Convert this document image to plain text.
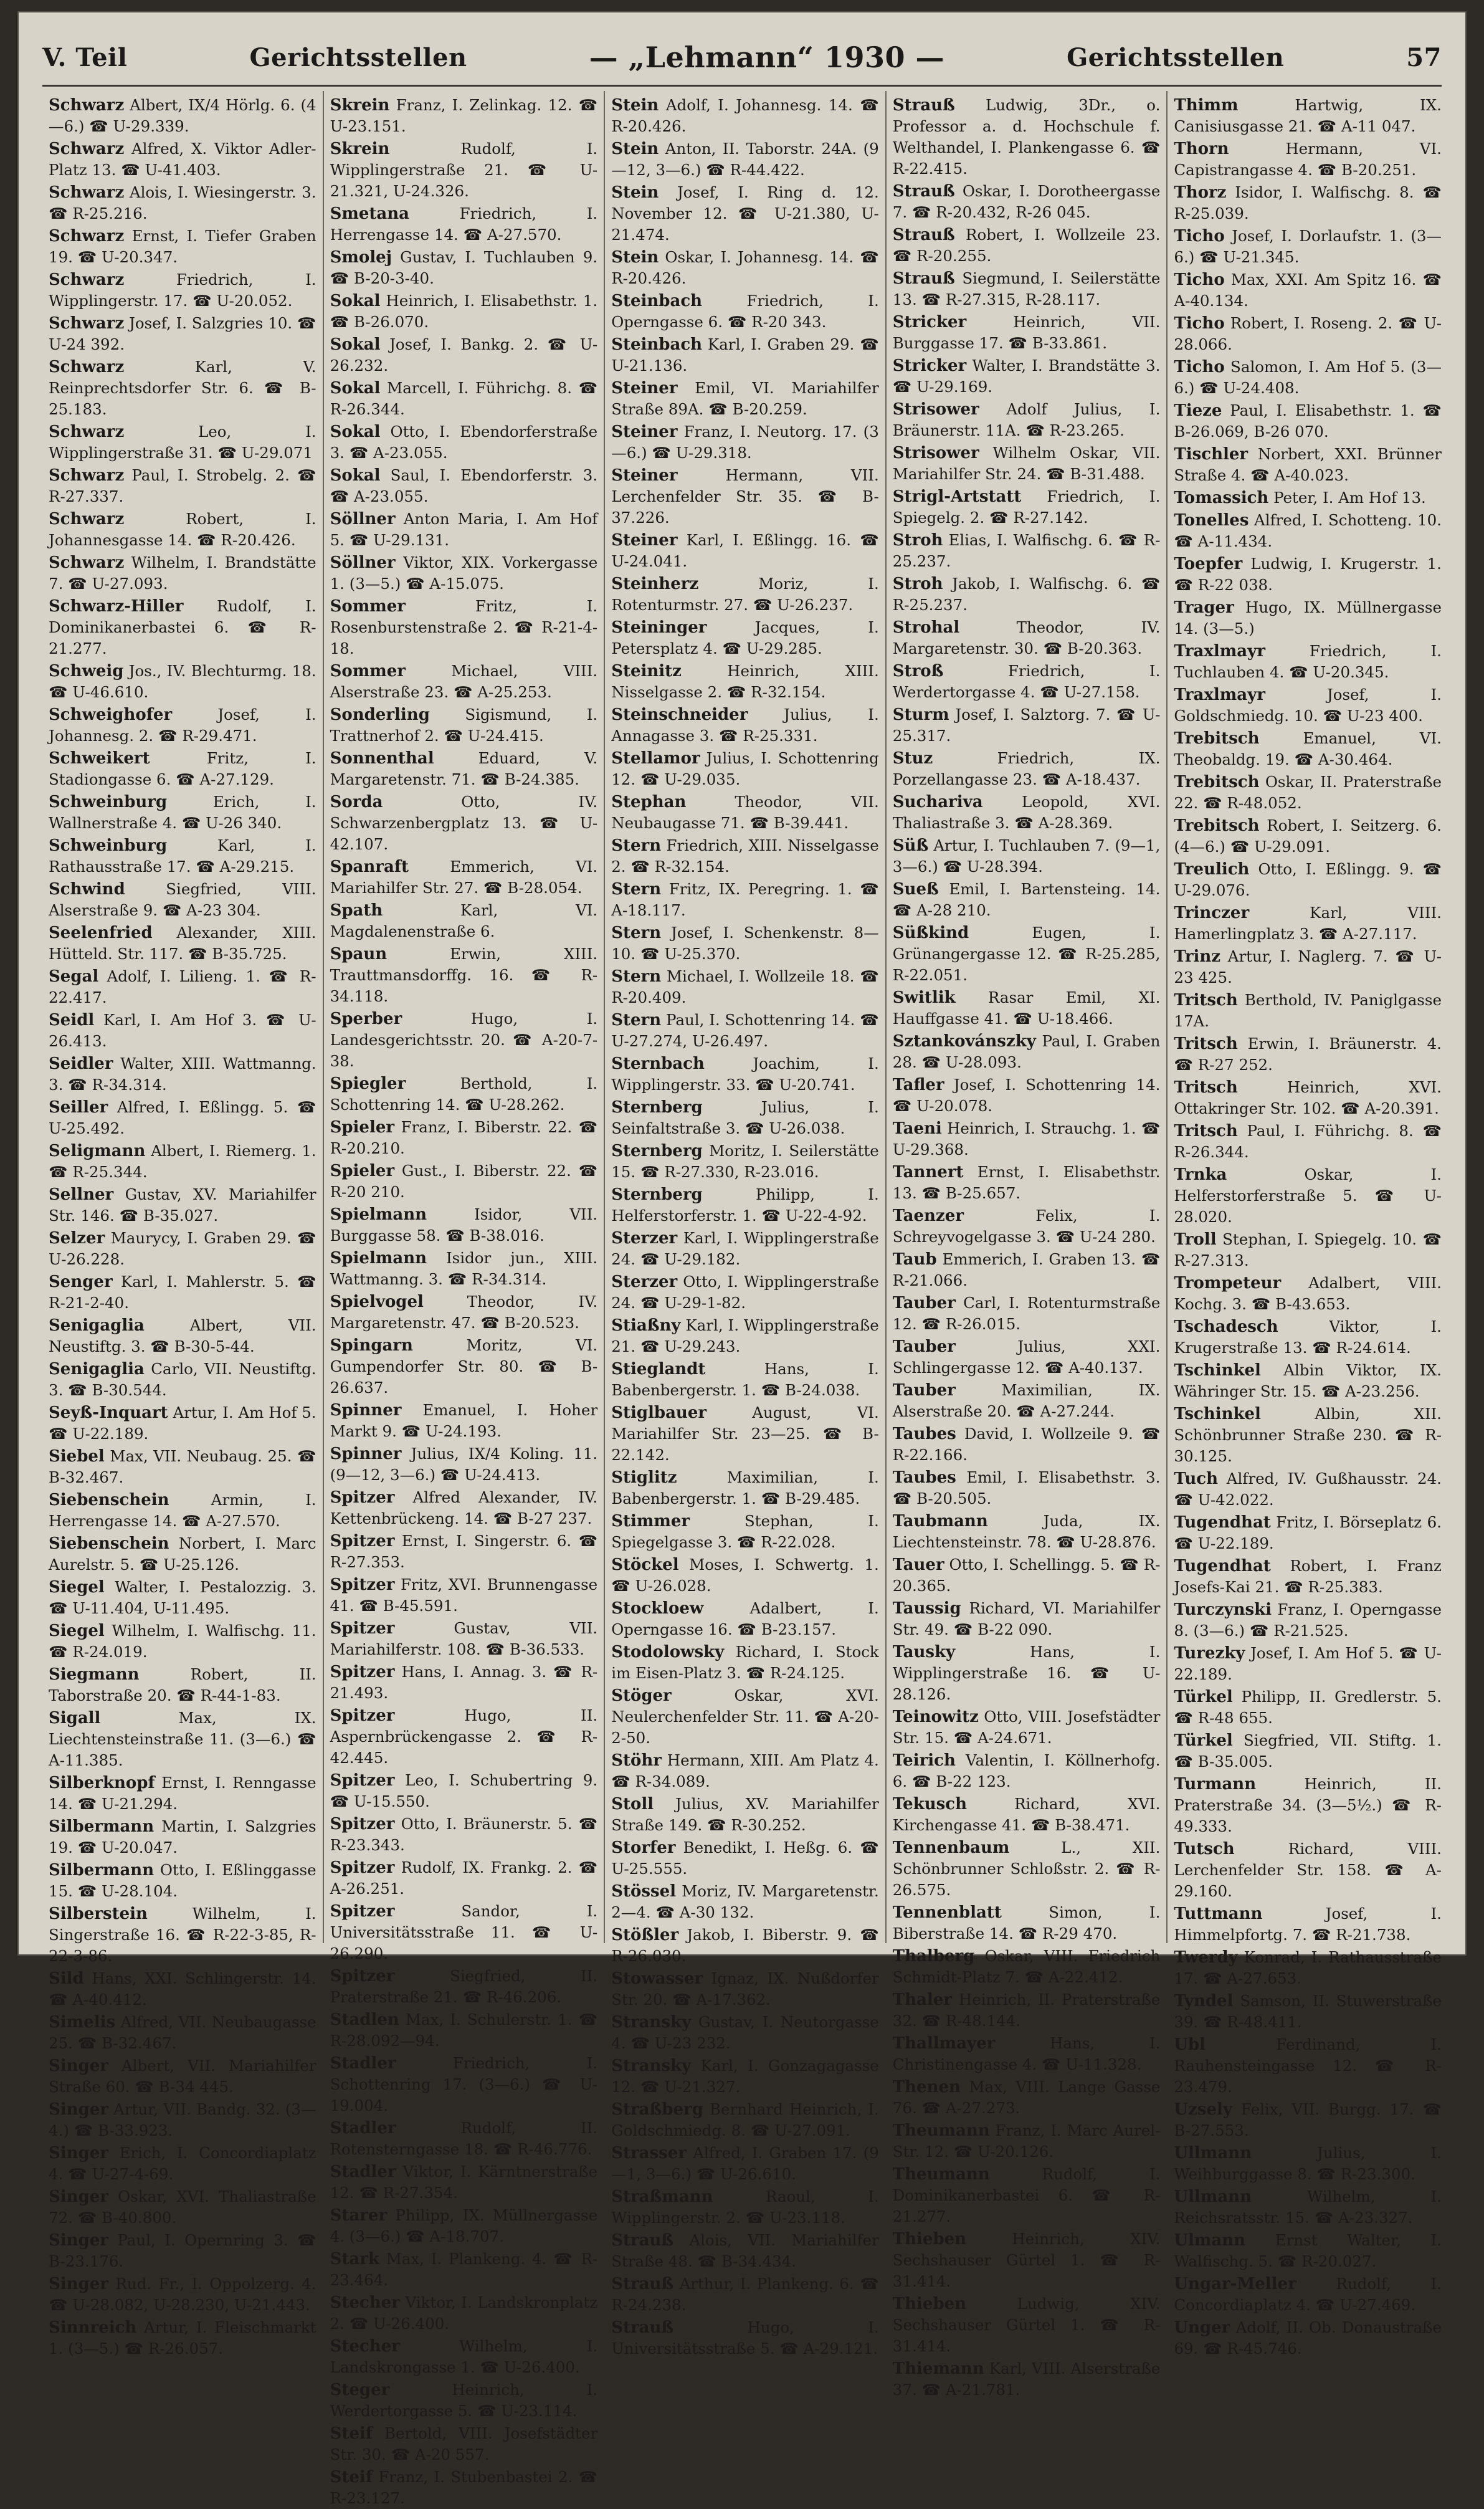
V. Teil	Gerichtsstellen	— „Lehmann“ 1930 —	Gerichtsstellen	57
Schwarz Albert, IX/4 Hörlg. 6. (4—6.) ☎ U-29.339.
Schwarz Alfred, X. Viktor Adler-Platz 13. ☎ U-41.403.
Schwarz Alois, I. Wiesingerstr. 3. ☎ R-25.216.
Schwarz Ernst, I. Tiefer Graben 19. ☎ U-20.347.
Schwarz	Friedrich, I. Wipplingerstr. 17. ☎ U-20.052.
Schwarz Josef, I. Salzgries 10. ☎ U-24 392.
Schwarz	Karl, V. Reinprechtsdorfer Str. 6. ☎ B-25.183.
Schwarz	Leo, I. Wipplingerstraße 31. ☎ U-29.071
Schwarz Paul, I. Strobelg. 2. ☎ R-27.337.
Schwarz	Robert, I. Johannesgasse 14. ☎ R-20.426.
Schwarz Wilhelm, I. Brandstätte 7. ☎ U-27.093.
Schwarz-Hiller Rudolf, I. Dominikanerbastei 6. ☎ R-21.277.
Schweig Jos., IV. Blechturmg. 18. ☎ U-46.610.
Schweighofer	Josef, I. Johannesg. 2. ☎ R-29.471.
Schweikert	Fritz, I. Stadiongasse 6. ☎ A-27.129.
Schweinburg	Erich, I. Wallnerstraße 4. ☎ U-26 340.
Schweinburg	Karl, I. Rathausstraße 17. ☎ A-29.215.
Schwind	Siegfried, VIII. Alserstraße 9. ☎ A-23 304.
Seelenfried Alexander, XIII. Hütteld. Str. 117. ☎ B-35.725.
Segal Adolf, I. Lilieng. 1. ☎ R-22.417.
Seidl Karl, I. Am Hof 3. ☎ U-26.413.
Seidler Walter, XIII. Wattmanng. 3. ☎ R-34.314.
Seiller Alfred, I. Eßlingg. 5. ☎ U-25.492.
Seligmann Albert, I. Riemerg. 1. ☎ R-25.344.
Sellner Gustav, XV. Mariahilfer Str. 146. ☎ B-35.027.
Selzer Maurycy, I. Graben 29. ☎ U-26.228.
Senger Karl, I. Mahlerstr. 5. ☎ R-21-2-40.
Senigaglia	Albert, VII. Neustiftg. 3. ☎ B-30-5-44.
Senigaglia Carlo, VII. Neustiftg. 3. ☎ B-30.544.
Seyß-Inquart Artur, I. Am Hof 5. ☎ U-22.189.
Siebel Max, VII. Neubaug. 25. ☎ B-32.467.
Siebenschein	Armin, I. Herrengasse 14. ☎ A-27.570.
Siebenschein Norbert, I. Marc Aurelstr. 5. ☎ U-25.126.
Siegel Walter, I. Pestalozzig. 3. ☎ U-11.404, U-11.495.
Siegel Wilhelm, I. Walfischg. 11. ☎ R-24.019.
Siegmann	Robert, II. Taborstraße 20. ☎ R-44-1-83.
Sigall	Max, IX. Liechtensteinstraße 11. (3—6.) ☎ A-11.385.
Silberknopf Ernst, I. Renngasse 14. ☎ U-21.294.
Silbermann Martin, I. Salzgries 19. ☎ U-20.047.
Silbermann Otto, I. Eßlinggasse 15. ☎ U-28.104.
Silberstein	Wilhelm, I. Singerstraße 16. ☎ R-22-3-85, R-22-3-86.
Sild Hans, XXI. Schlingerstr. 14. ☎ A-40.412.
Simelis Alfred, VII. Neubaugasse 25. ☎ B-32.467.
Singer Albert, VII. Mariahilfer Straße 60. ☎ B-34 445.
Singer Artur, VII. Bandg. 32. (3—4.) ☎ B-33.923.
Singer Erich, I. Concordiaplatz 4. ☎ U-27-4-69.
Singer Oskar, XVI. Thaliastraße 72. ☎ B-40.800.
Singer Paul, I. Opernring 3. ☎ B-23.176.
Singer Rud. Fr., I. Oppolzerg. 4. ☎ U-28.082, U-28.230, U-21.443.
Sinnreich Artur, I. Fleischmarkt 1. (3—5.) ☎ R-26.057.
Skrein Franz, I. Zelinkag. 12. ☎ U-23.151.
Skrein	Rudolf, I. Wipplingerstraße 21. ☎ U-21.321, U-24.326.
Smetana	Friedrich, I. Herrengasse 14. ☎ A-27.570.
Smolej Gustav, I. Tuchlauben 9. ☎ B-20-3-40.
Sokal Heinrich, I. Elisabethstr. 1. ☎ B-26.070.
Sokal Josef, I. Bankg. 2. ☎ U-26.232.
Sokal Marcell, I. Führichg. 8. ☎ R-26.344.
Sokal Otto, I. Ebendorferstraße 3. ☎ A-23.055.
Sokal Saul, I. Ebendorferstr. 3. ☎ A-23.055.
Söllner Anton Maria, I. Am Hof 5. ☎ U-29.131.
Söllner Viktor, XIX. Vorkergasse 1. (3—5.) ☎ A-15.075.
Sommer	Fritz, I. Rosenburstenstraße 2. ☎ R-21-4-18.
Sommer	Michael, VIII. Alserstraße 23. ☎ A-25.253.
Sonderling Sigismund, I. Trattnerhof 2. ☎ U-24.415.
Sonnenthal	Eduard, V. Margaretenstr. 71. ☎ B-24.385.
Sorda	Otto, IV. Schwarzenbergplatz 13. ☎ U-42.107.
Spanraft	Emmerich, VI. Mariahilfer Str. 27. ☎ B-28.054.
Spath	Karl, VI. Magdalenenstraße 6.
Spaun	Erwin, XIII. Trauttmansdorffg. 16. ☎ R-34.118.
Sperber	Hugo, I. Landesgerichtsstr. 20. ☎ A-20-7-38.
Spiegler	Berthold, I. Schottenring 14. ☎ U-28.262.
Spieler Franz, I. Biberstr. 22. ☎ R-20.210.
Spieler Gust., I. Biberstr. 22. ☎ R-20 210.
Spielmann	Isidor, VII. Burggasse 58. ☎ B-38.016.
Spielmann Isidor jun., XIII. Wattmanng. 3. ☎ R-34.314.
Spielvogel	Theodor, IV. Margaretenstr. 47. ☎ B-20.523.
Spingarn	Moritz, VI. Gumpendorfer Str. 80. ☎ B-26.637.
Spinner Emanuel, I. Hoher Markt 9. ☎ U-24.193.
Spinner Julius, IX/4 Koling. 11. (9—12, 3—6.) ☎ U-24.413.
Spitzer Alfred Alexander, IV. Kettenbrückeng. 14. ☎ B-27 237.
Spitzer Ernst, I. Singerstr. 6. ☎ R-27.353.
Spitzer Fritz, XVI. Brunnengasse 41. ☎ B-45.591.
Spitzer	Gustav, VII. Mariahilferstr. 108. ☎ B-36.533.
Spitzer Hans, I. Annag. 3. ☎ R-21.493.
Spitzer	Hugo, II. Aspernbrückengasse 2. ☎ R-42.445.
Spitzer Leo, I. Schubertring 9. ☎ U-15.550.
Spitzer Otto, I. Bräunerstr. 5. ☎ R-23.343.
Spitzer Rudolf, IX. Frankg. 2. ☎ A-26.251.
Spitzer	Sandor, I. Universitätsstraße 11. ☎ U-26.290.
Spitzer	Siegfried, II. Praterstraße 21. ☎ R-46.206.
Stadlen Max, I. Schulerstr. 1. ☎ R-28.092—94.
Stadler	Friedrich, I. Schottenring 17. (3—6.) ☎ U-19.004.
Stadler	Rudolf, II. Rotensterngasse 18. ☎ R-46.776.
Stadler Viktor, I. Kärntnerstraße 12. ☎ R-27.354.
Starer Philipp, IX. Müllnergasse 4. (3—6.) ☎ A-18.707.
Stark Max, I. Plankeng. 4. ☎ R-23.464.
Stecher Viktor, I. Landskronplatz 2. ☎ U-26.400.
Stecher	Wilhelm, I. Landskrongasse 1. ☎ U-26.400.
Steger	Heinrich, I. Werdertorgasse 5. ☎ U-23.114.
Steif Bertold, VIII. Josefstädter Str. 30. ☎ A-20 557.
Steif Franz, I. Stubenbastei 2. ☎ R-23.127.
Stein Adolf, I. Johannesg. 14. ☎ R-20.426.
Stein Anton, II. Taborstr. 24A. (9—12, 3—6.) ☎ R-44.422.
Stein Josef, I. Ring d. 12. November 12. ☎ U-21.380, U-21.474.
Stein Oskar, I. Johannesg. 14. ☎ R-20.426.
Steinbach	Friedrich, I. Operngasse 6. ☎ R-20 343.
Steinbach Karl, I. Graben 29. ☎ U-21.136.
Steiner Emil, VI. Mariahilfer Straße 89A. ☎ B-20.259.
Steiner Franz, I. Neutorg. 17. (3—6.) ☎ U-29.318.
Steiner	Hermann, VII. Lerchenfelder Str. 35. ☎ B-37.226.
Steiner Karl, I. Eßlingg. 16. ☎ U-24.041.
Steinherz	Moriz, I. Rotenturmstr. 27. ☎ U-26.237.
Steininger	Jacques, I. Petersplatz 4. ☎ U-29.285.
Steinitz	Heinrich, XIII. Nisselgasse 2. ☎ R-32.154.
Steinschneider Julius, I. Annagasse 3. ☎ R-25.331.
Stellamor Julius, I. Schottenring 12. ☎ U-29.035.
Stephan	Theodor, VII. Neubaugasse 71. ☎ B-39.441.
Stern Friedrich, XIII. Nisselgasse 2. ☎ R-32.154.
Stern Fritz, IX. Peregring. 1. ☎ A-18.117.
Stern Josef, I. Schenkenstr. 8—10. ☎ U-25.370.
Stern Michael, I. Wollzeile 18. ☎ R-20.409.
Stern Paul, I. Schottenring 14. ☎ U-27.274, U-26.497.
Sternbach	Joachim, I. Wipplingerstr. 33. ☎ U-20.741.
Sternberg	Julius, I. Seinfaltstraße 3. ☎ U-26.038.
Sternberg Moritz, I. Seilerstätte 15. ☎ R-27.330, R-23.016.
Sternberg	Philipp, I. Helferstorferstr. 1. ☎ U-22-4-92.
Sterzer Karl, I. Wipplingerstraße 24. ☎ U-29.182.
Sterzer Otto, I. Wipplingerstraße 24. ☎ U-29-1-82.
Stiaßny Karl, I. Wipplingerstraße 21. ☎ U-29.243.
Stieglandt	Hans, I. Babenbergerstr. 1. ☎ B-24.038.
Stiglbauer	August, VI. Mariahilfer Str. 23—25. ☎ B-22.142.
Stiglitz	Maximilian, I. Babenbergerstr. 1. ☎ B-29.485.
Stimmer	Stephan, I. Spiegelgasse 3. ☎ R-22.028.
Stöckel Moses, I. Schwertg. 1. ☎ U-26.028.
Stockloew	Adalbert, I. Operngasse 16. ☎ B-23.157.
Stodolowsky Richard, I. Stock im Eisen-Platz 3. ☎ R-24.125.
Stöger	Oskar, XVI. Neulerchenfelder Str. 11. ☎ A-20-2-50.
Stöhr Hermann, XIII. Am Platz 4. ☎ R-34.089.
Stoll Julius, XV. Mariahilfer Straße 149. ☎ R-30.252.
Storfer Benedikt, I. Heßg. 6. ☎ U-25.555.
Stössel Moriz, IV. Margaretenstr. 2—4. ☎ A-30 132.
Stößler Jakob, I. Biberstr. 9. ☎ R-26.030.
Stowasser Ignaz, IX. Nußdorfer Str. 20. ☎ A-17.362.
Stransky Gustav, I. Neutorgasse 4. ☎ U-23 232.
Stransky Karl, I. Gonzagagasse 12. ☎ U-21.327.
Straßberg Bernhard Heinrich, I. Goldschmiedg. 8. ☎ U-27.091.
Strasser Alfred, I. Graben 17. (9—1, 3—6.) ☎ U-26.610.
Straßmann	Raoul, I. Wipplingerstr. 2. ☎ U-23.118.
Strauß Alois, VII. Mariahilfer Straße 48. ☎ B-34.434.
Strauß Arthur, I. Plankeng. 6. ☎ R-24.238.
Strauß	Hugo, I. Universitätsstraße 5. ☎ A-29.121.
Strauß Ludwig, 3Dr., o. Professor a. d. Hochschule f. Welthandel, I. Plankengasse 6. ☎ R-22.415.
Strauß Oskar, I. Dorotheergasse 7. ☎ R-20.432, R-26 045.
Strauß Robert, I. Wollzeile 23. ☎ R-20.255.
Strauß Siegmund, I. Seilerstätte 13. ☎ R-27.315, R-28.117.
Stricker	Heinrich, VII. Burggasse 17. ☎ B-33.861.
Stricker Walter, I. Brandstätte 3. ☎ U-29.169.
Strisower Adolf Julius, I. Bräunerstr. 11A. ☎ R-23.265.
Strisower Wilhelm Oskar, VII. Mariahilfer Str. 24. ☎ B-31.488.
Strigl-Artstatt Friedrich, I. Spiegelg. 2. ☎ R-27.142.
Stroh Elias, I. Walfischg. 6. ☎ R-25.237.
Stroh Jakob, I. Walfischg. 6. ☎ R-25.237.
Strohal	Theodor, IV. Margaretenstr. 30. ☎ B-20.363.
Stroß	Friedrich, I. Werdertorgasse 4. ☎ U-27.158.
Sturm Josef, I. Salztorg. 7. ☎ U-25.317.
Stuz	Friedrich, IX. Porzellangasse 23. ☎ A-18.437.
Suchariva	Leopold, XVI. Thaliastraße 3. ☎ A-28.369.
Süß Artur, I. Tuchlauben 7. (9—1, 3—6.) ☎ U-28.394.
Sueß Emil, I. Bartensteing. 14. ☎ A-28 210.
Süßkind	Eugen, I. Grünangergasse 12. ☎ R-25.285, R-22.051.
Switlik Rasar Emil, XI. Hauffgasse 41. ☎ U-18.466.
Sztankovánszky Paul, I. Graben 28. ☎ U-28.093.
Tafler Josef, I. Schottenring 14. ☎ U-20.078.
Taeni Heinrich, I. Strauchg. 1. ☎ U-29.368.
Tannert Ernst, I. Elisabethstr. 13. ☎ B-25.657.
Taenzer	Felix, I. Schreyvogelgasse 3. ☎ U-24 280.
Taub Emmerich, I. Graben 13. ☎ R-21.066.
Tauber Carl, I. Rotenturmstraße 12. ☎ R-26.015.
Tauber	Julius, XXI. Schlingergasse 12. ☎ A-40.137.
Tauber	Maximilian, IX. Alserstraße 20. ☎ A-27.244.
Taubes David, I. Wollzeile 9. ☎ R-22.166.
Taubes Emil, I. Elisabethstr. 3. ☎ B-20.505.
Taubmann	Juda, IX. Liechtensteinstr. 78. ☎ U-28.876.
Tauer Otto, I. Schellingg. 5. ☎ R-20.365.
Taussig Richard, VI. Mariahilfer Str. 49. ☎ B-22 090.
Tausky	Hans, I. Wipplingerstraße 16. ☎ U-28.126.
Teinowitz Otto, VIII. Josefstädter Str. 15. ☎ A-24.671.
Teirich Valentin, I. Köllnerhofg. 6. ☎ B-22 123.
Tekusch	Richard, XVI. Kirchengasse 41. ☎ B-38.471.
Tennenbaum	L., XII. Schönbrunner Schloßstr. 2. ☎ R-26.575.
Tennenblatt	Simon, I. Biberstraße 14. ☎ R-29 470.
Thalberg Oskar, VIII. Friedrich Schmidt-Platz 7. ☎ A-22.412.
Thaler Heinrich, II. Praterstraße 32. ☎ R-48.144.
Thallmayer	Hans, I. Christinengasse 4. ☎ U-11.328.
Thenen Max, VIII. Lange Gasse 76. ☎ A-27.273.
Theumann Franz, I. Marc Aurel-Str. 12. ☎ U-20.126.
Theumann	Rudolf, I. Dominikanerbastei 6. ☎ R-21.277.
Thieben	Heinrich, XIV. Sechshauser Gürtel 1. ☎ R-31.414.
Thieben	Ludwig, XIV. Sechshauser Gürtel 1. ☎ R-31.414.
Thiemann Karl, VIII. Alserstraße 37. ☎ A-21.781.
Thimm	Hartwig, IX. Canisiusgasse 21. ☎ A-11 047.
Thorn	Hermann, VI. Capistrangasse 4. ☎ B-20.251.
Thorz Isidor, I. Walfischg. 8. ☎ R-25.039.
Ticho Josef, I. Dorlaufstr. 1. (3—6.) ☎ U-21.345.
Ticho Max, XXI. Am Spitz 16. ☎ A-40.134.
Ticho Robert, I. Roseng. 2. ☎ U-28.066.
Ticho Salomon, I. Am Hof 5. (3—6.) ☎ U-24.408.
Tieze Paul, I. Elisabethstr. 1. ☎ B-26.069, B-26 070.
Tischler Norbert, XXI. Brünner Straße 4. ☎ A-40.023.
Tomassich Peter, I. Am Hof 13.
Tonelles Alfred, I. Schotteng. 10. ☎ A-11.434.
Toepfer Ludwig, I. Krugerstr. 1. ☎ R-22 038.
Trager Hugo, IX. Müllnergasse 14. (3—5.)
Traxlmayr	Friedrich, I. Tuchlauben 4. ☎ U-20.345.
Traxlmayr	Josef, I. Goldschmiedg. 10. ☎ U-23 400.
Trebitsch	Emanuel, VI. Theobaldg. 19. ☎ A-30.464.
Trebitsch Oskar, II. Praterstraße 22. ☎ R-48.052.
Trebitsch Robert, I. Seitzerg. 6. (4—6.) ☎ U-29.091.
Treulich Otto, I. Eßlingg. 9. ☎ U-29.076.
Trinczer	Karl, VIII. Hamerlingplatz 3. ☎ A-27.117.
Trinz Artur, I. Naglerg. 7. ☎ U-23 425.
Tritsch Berthold, IV. Paniglgasse 17A.
Tritsch Erwin, I. Bräunerstr. 4. ☎ R-27 252.
Tritsch	Heinrich, XVI. Ottakringer Str. 102. ☎ A-20.391.
Tritsch Paul, I. Führichg. 8. ☎ R-26.344.
Trnka	Oskar, I. Helferstorferstraße 5. ☎ U-28.020.
Troll Stephan, I. Spiegelg. 10. ☎ R-27.313.
Trompeteur Adalbert, VIII. Kochg. 3. ☎ B-43.653.
Tschadesch	Viktor, I. Krugerstraße 13. ☎ R-24.614.
Tschinkel Albin Viktor, IX. Währinger Str. 15. ☎ A-23.256.
Tschinkel	Albin, XII. Schönbrunner Straße 230. ☎ R-30.125.
Tuch Alfred, IV. Gußhausstr. 24. ☎ U-42.022.
Tugendhat Fritz, I. Börseplatz 6. ☎ U-22.189.
Tugendhat Robert, I. Franz Josefs-Kai 21. ☎ R-25.383.
Turczynski Franz, I. Operngasse 8. (3—6.) ☎ R-21.525.
Turezky Josef, I. Am Hof 5. ☎ U-22.189.
Türkel Philipp, II. Gredlerstr. 5. ☎ R-48 655.
Türkel Siegfried, VII. Stiftg. 1. ☎ B-35.005.
Turmann	Heinrich, II. Praterstraße 34. (3—5½.) ☎ R-49.333.
Tutsch	Richard, VIII. Lerchenfelder Str. 158. ☎ A-29.160.
Tuttmann	Josef, I. Himmelpfortg. 7. ☎ R-21.738.
Twerdy Konrad, I. Rathausstraße 17. ☎ A-27.653.
Tyndel Samson, II. Stuwerstraße 39. ☎ R-48.411.
Ubl	Ferdinand, I. Rauhensteingasse 12. ☎ R-23.479.
Uzsely Felix, VII. Burgg. 17. ☎ B-27.553.
Ullmann	Julius, I. Weihburggasse 8. ☎ R-23.300.
Ullmann	Wilhelm, I. Reichsratsstr. 15. ☎ A-23.327.
Ulmann Ernst Walter, I. Walfischg. 5. ☎ R-20.027.
Ungar-Meller	Rudolf, I. Concordiaplatz 4. ☎ U-27.469.
Unger Adolf, II. Ob. Donaustraße 69. ☎ R-45.746.
